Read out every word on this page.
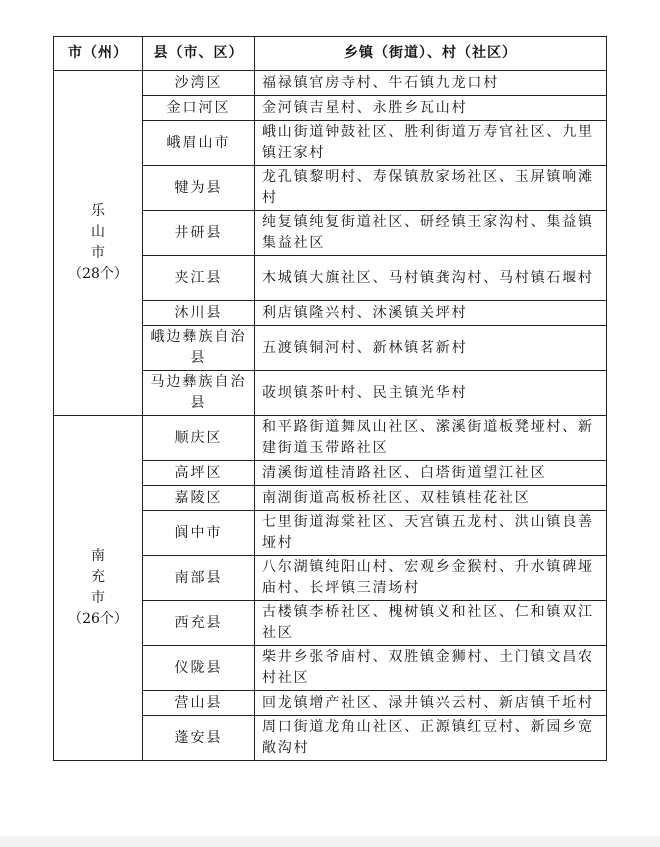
市（州）	县（市、区）	乡镇（街道）、村（社区）

乐
山
市
（28个）	沙湾区	福禄镇官房寺村、牛石镇九龙口村
	金口河区	金河镇吉星村、永胜乡瓦山村
	峨眉山市	峨山街道钟鼓社区、胜利街道万寿官社区、九里镇汪家村
	犍为县	龙孔镇黎明村、寿保镇敖家场社区、玉屏镇响滩村
	井研县	纯复镇纯复街道社区、研经镇王家沟村、集益镇集益社区
	夹江县	木城镇大旗社区、马村镇龚沟村、马村镇石堰村
	沐川县	利店镇隆兴村、沐溪镇关坪村
	峨边彝族自治县	五渡镇铜河村、新林镇茗新村
	马边彝族自治县	荍坝镇茶叶村、民主镇光华村

南
充
市
（26个）	顺庆区	和平路街道舞凤山社区、潆溪街道板凳垭村、新建街道玉带路社区
	高坪区	清溪街道桂清路社区、白塔街道望江社区
	嘉陵区	南湖街道高板桥社区、双桂镇桂花社区
	阆中市	七里街道海棠社区、天宫镇五龙村、洪山镇良善垭村
	南部县	八尔湖镇纯阳山村、宏观乡金猴村、升水镇碑垭庙村、长坪镇三清场村
	西充县	古楼镇李桥社区、槐树镇义和社区、仁和镇双江社区
	仪陇县	柴井乡张爷庙村、双胜镇金狮村、土门镇文昌农村社区
	营山县	回龙镇增产社区、渌井镇兴云村、新店镇千坵村
	蓬安县	周口街道龙角山社区、正源镇红豆村、新园乡宽敞沟村
